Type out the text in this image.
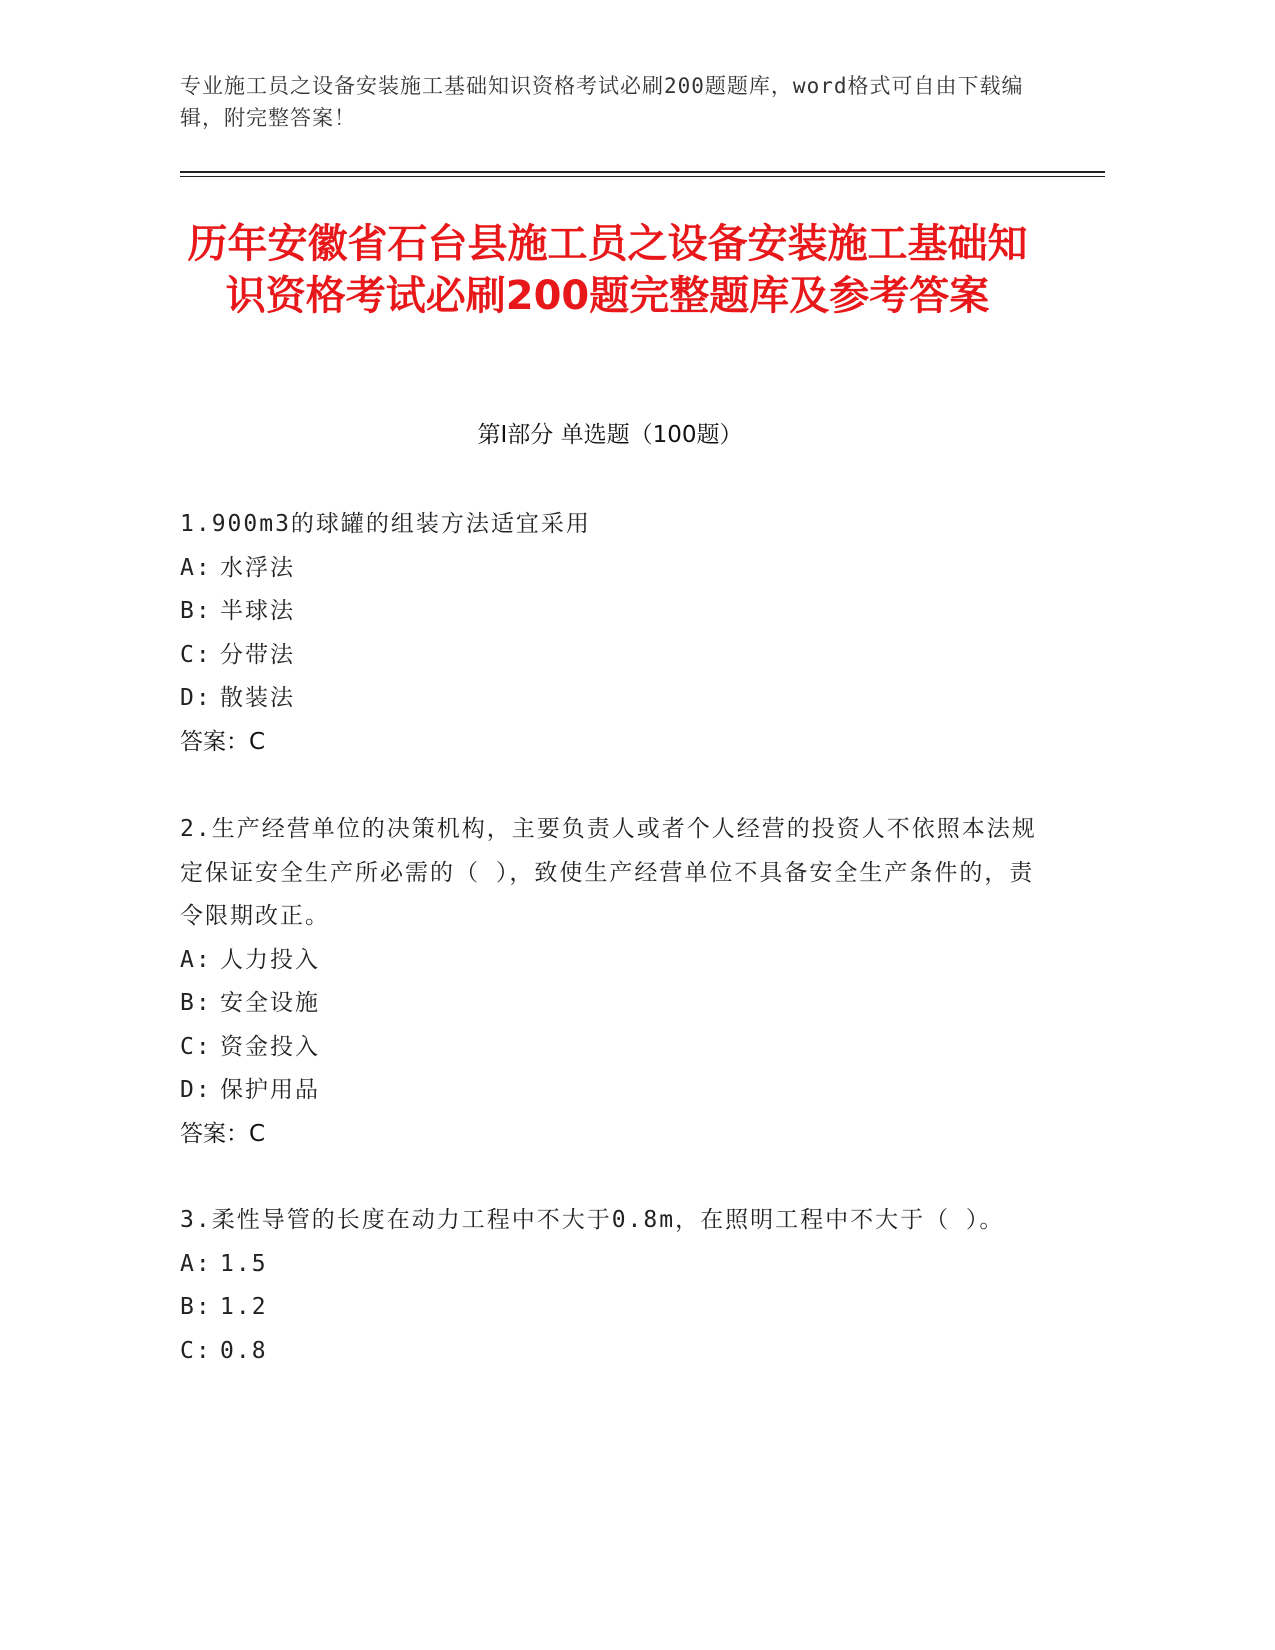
专业施工员之设备安装施工基础知识资格考试必刷200题题库，word格式可自由下载编辑，附完整答案！
历年安徽省石台县施工员之设备安装施工基础知识资格考试必刷200题完整题库及参考答案
第I部分 单选题（100题）
1.900m3的球罐的组装方法适宜采用
A: 水浮法
B: 半球法
C: 分带法
D: 散装法
答案：C
2.生产经营单位的决策机构，主要负责人或者个人经营的投资人不依照本法规定保证安全生产所必需的（ ），致使生产经营单位不具备安全生产条件的，责令限期改正。
A: 人力投入
B: 安全设施
C: 资金投入
D: 保护用品
答案：C
3.柔性导管的长度在动力工程中不大于0.8m，在照明工程中不大于（ ）。
A: 1.5
B: 1.2
C: 0.8
